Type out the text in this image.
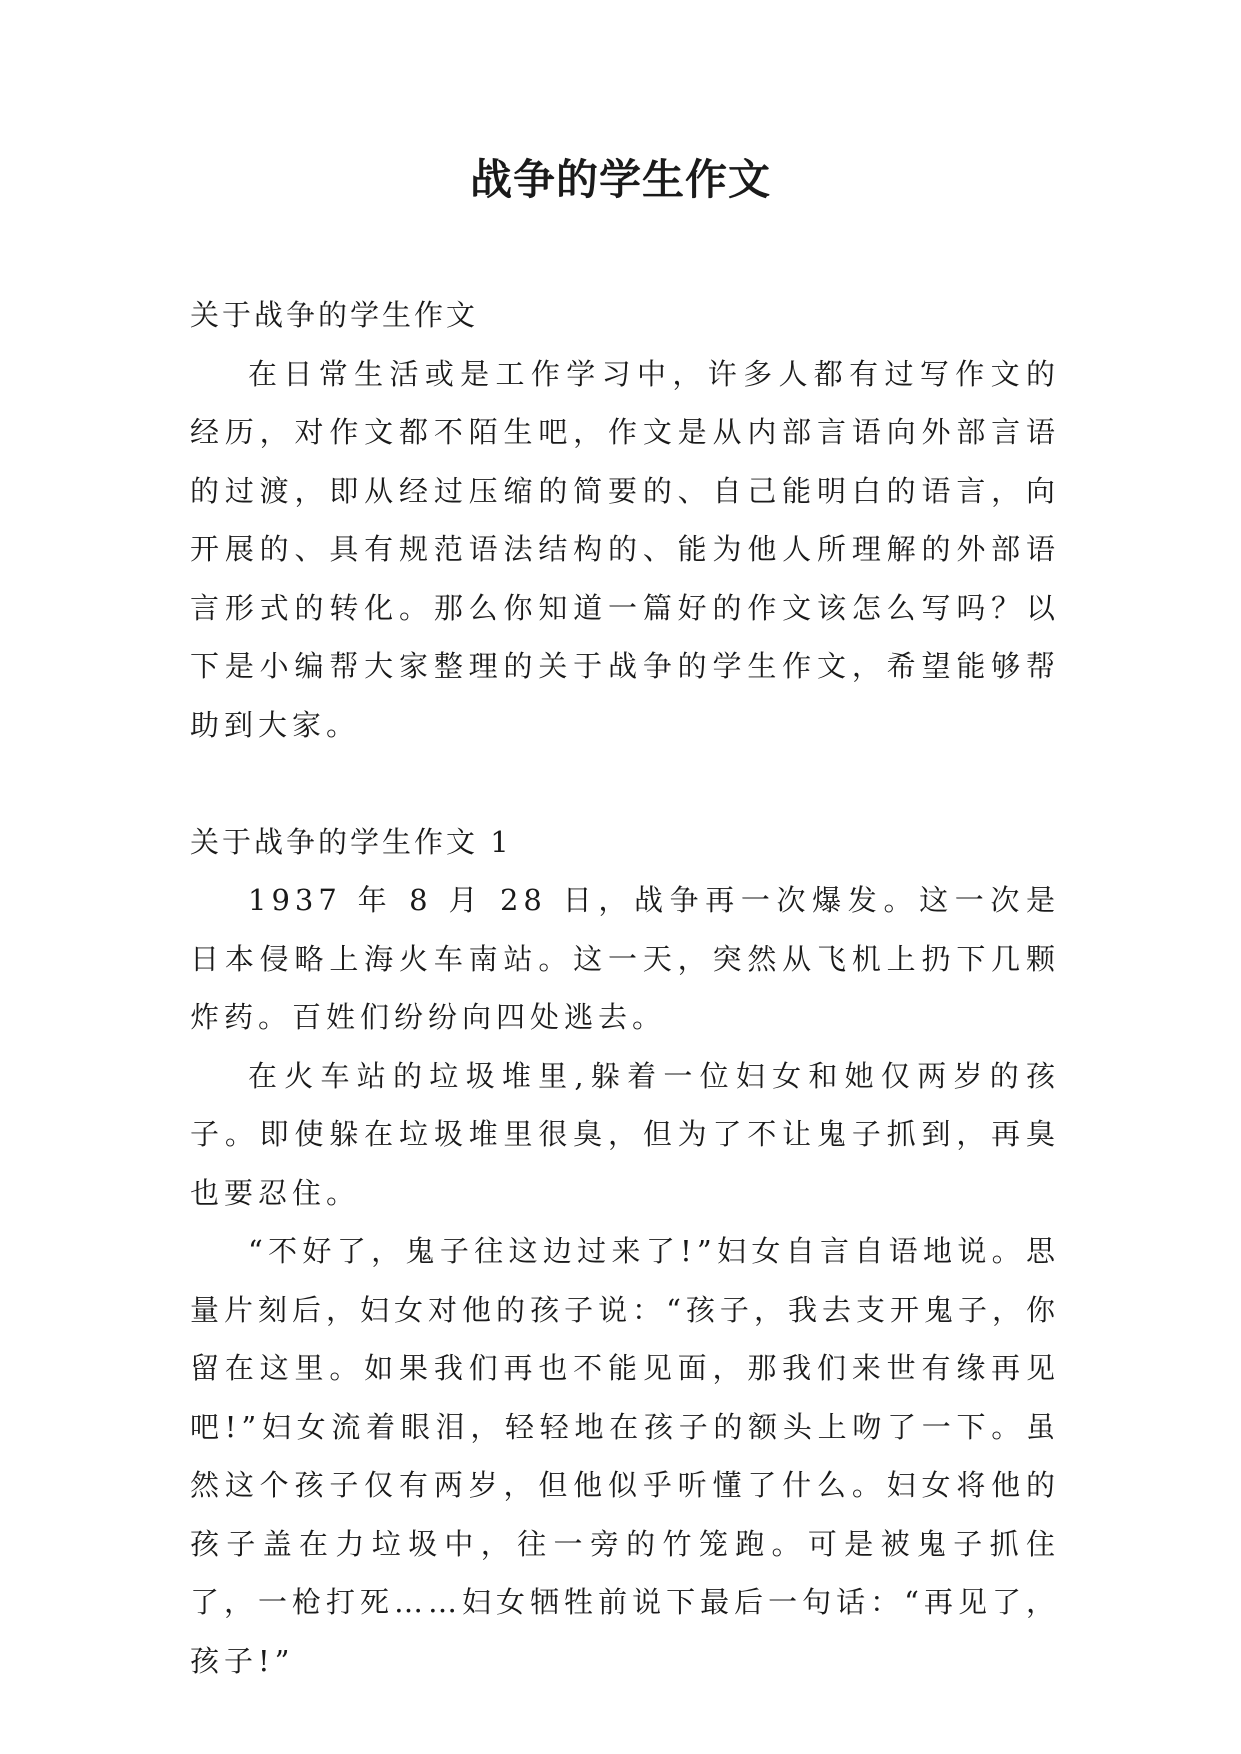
战争的学生作文

关于战争的学生作文

在日常生活或是工作学习中，许多人都有过写作文的经历，对作文都不陌生吧，作文是从内部言语向外部言语的过渡，即从经过压缩的简要的、自己能明白的语言，向开展的、具有规范语法结构的、能为他人所理解的外部语言形式的转化。那么你知道一篇好的作文该怎么写吗？以下是小编帮大家整理的关于战争的学生作文，希望能够帮助到大家。

关于战争的学生作文 1

1937 年 8 月 28 日，战争再一次爆发。这一次是日本侵略上海火车南站。这一天，突然从飞机上扔下几颗炸药。百姓们纷纷向四处逃去。

在火车站的垃圾堆里,躲着一位妇女和她仅两岁的孩子。即使躲在垃圾堆里很臭，但为了不让鬼子抓到，再臭也要忍住。

“不好了，鬼子往这边过来了!”妇女自言自语地说。思量片刻后，妇女对他的孩子说：“孩子，我去支开鬼子，你留在这里。如果我们再也不能见面，那我们来世有缘再见吧!”妇女流着眼泪，轻轻地在孩子的额头上吻了一下。虽然这个孩子仅有两岁，但他似乎听懂了什么。妇女将他的孩子盖在力垃圾中，往一旁的竹笼跑。可是被鬼子抓住了，一枪打死……妇女牺牲前说下最后一句话：“再见了，孩子!”
